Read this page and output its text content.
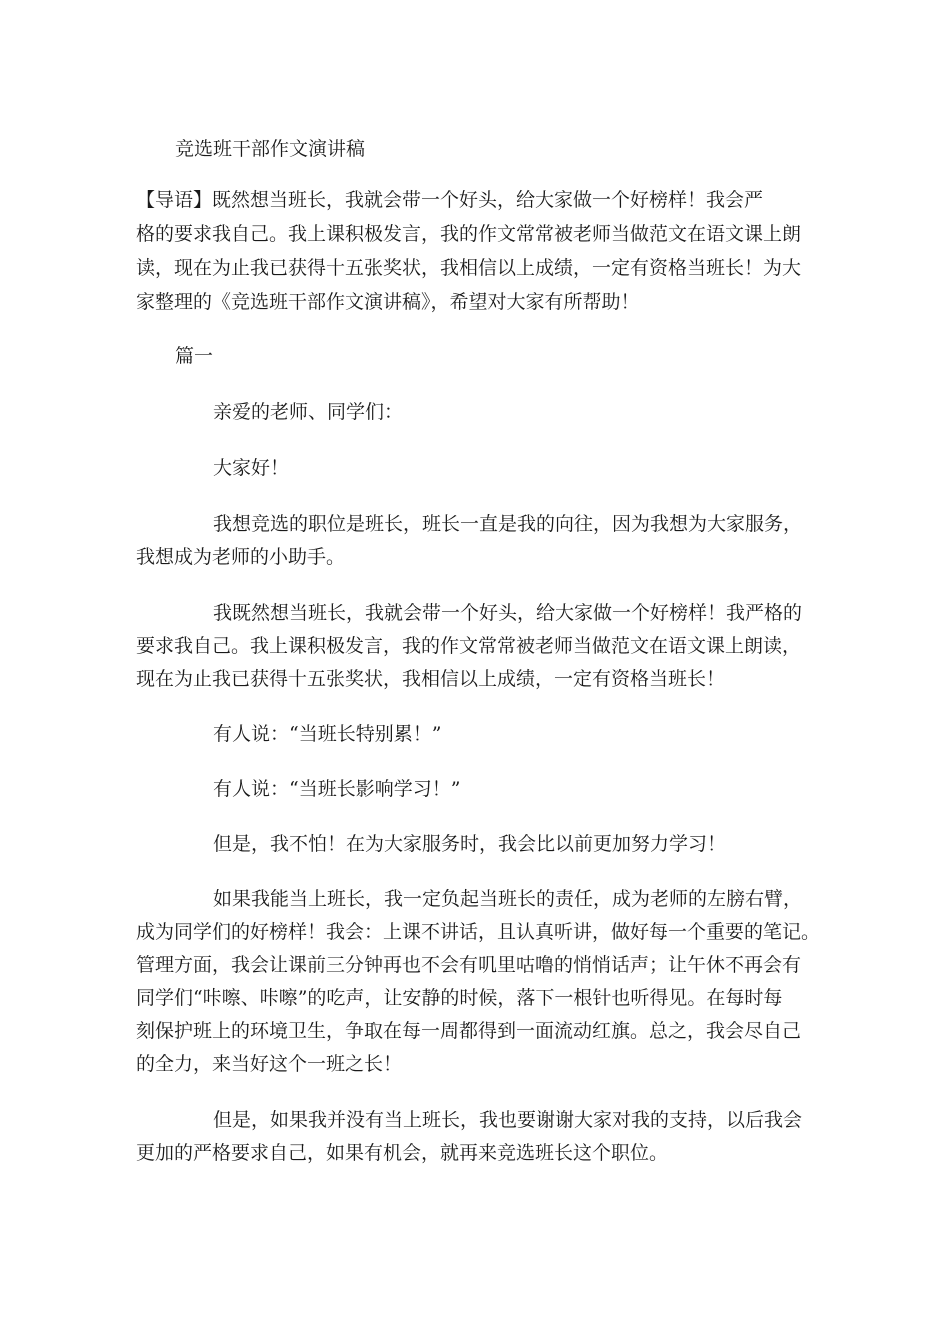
竞选班干部作文演讲稿
【导语】既然想当班长，我就会带一个好头，给大家做一个好榜样！我会严
格的要求我自己。我上课积极发言，我的作文常常被老师当做范文在语文课上朗
读，现在为止我已获得十五张奖状，我相信以上成绩，一定有资格当班长！为大
家整理的《竞选班干部作文演讲稿》，希望对大家有所帮助！
篇一
亲爱的老师、同学们：
大家好！
我想竞选的职位是班长，班长一直是我的向往，因为我想为大家服务，
我想成为老师的小助手。
我既然想当班长，我就会带一个好头，给大家做一个好榜样！我严格的
要求我自己。我上课积极发言，我的作文常常被老师当做范文在语文课上朗读，
现在为止我已获得十五张奖状，我相信以上成绩，一定有资格当班长！
有人说：“当班长特别累！”
有人说：“当班长影响学习！”
但是，我不怕！在为大家服务时，我会比以前更加努力学习！
如果我能当上班长，我一定负起当班长的责任，成为老师的左膀右臂，
成为同学们的好榜样！我会：上课不讲话，且认真听讲，做好每一个重要的笔记。
管理方面，我会让课前三分钟再也不会有叽里咕噜的悄悄话声；让午休不再会有
同学们“咔嚓、咔嚓”的吃声，让安静的时候，落下一根针也听得见。在每时每
刻保护班上的环境卫生，争取在每一周都得到一面流动红旗。总之，我会尽自己
的全力，来当好这个一班之长！
但是，如果我并没有当上班长，我也要谢谢大家对我的支持，以后我会
更加的严格要求自己，如果有机会，就再来竞选班长这个职位。
